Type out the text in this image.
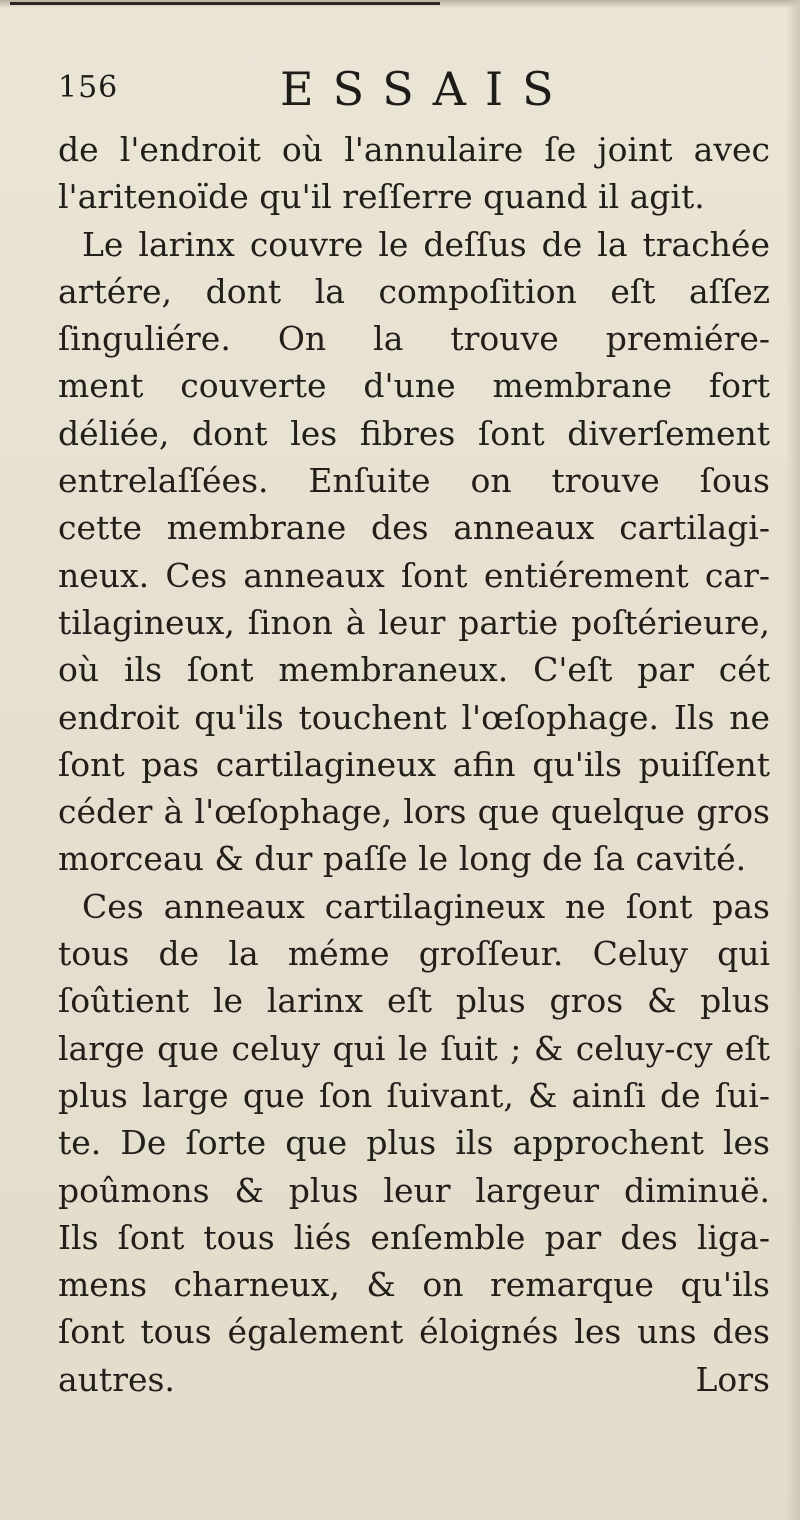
156	ESSAIS
de l'endroit où l'annulaire ſe joint avec
l'aritenoïde qu'il reſſerre quand il agit.
Le larinx couvre le deſſus de la trachée
artére, dont la compoſition eſt aſſez
ſinguliére. On la trouve premiére-
ment couverte d'une membrane fort
déliée, dont les fibres ſont diverſement
entrelaſſées. Enſuite on trouve ſous
cette membrane des anneaux cartilagi-
neux. Ces anneaux ſont entiérement car-
tilagineux, ſinon à leur partie poſtérieure,
où ils ſont membraneux. C'eſt par cét
endroit qu'ils touchent l'œſophage. Ils ne
ſont pas cartilagineux afin qu'ils puiſſent
céder à l'œſophage, lors que quelque gros
morceau & dur paſſe le long de ſa cavité.
Ces anneaux cartilagineux ne ſont pas
tous de la méme groſſeur. Celuy qui
ſoûtient le larinx eſt plus gros & plus
large que celuy qui le ſuit ; & celuy-cy eſt
plus large que ſon ſuivant, & ainſi de ſui-
te. De ſorte que plus ils approchent les
poûmons & plus leur largeur diminuë.
Ils ſont tous liés enſemble par des liga-
mens charneux, & on remarque qu'ils
ſont tous également éloignés les uns des
autres.	Lors
